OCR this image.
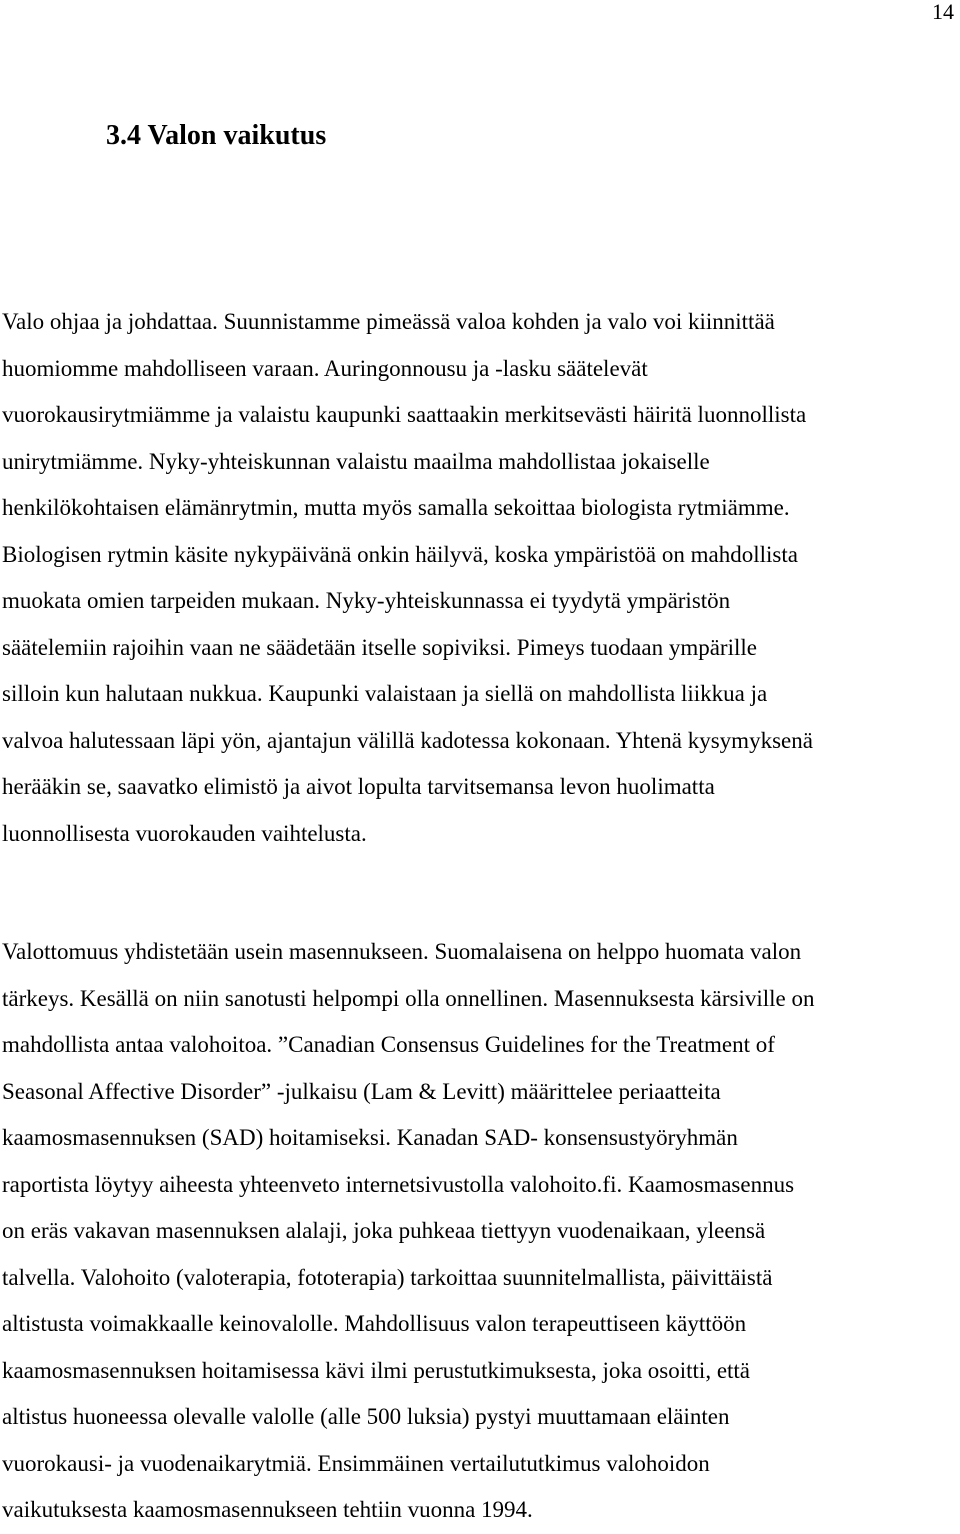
14
3.4 Valon vaikutus

Valo ohjaa ja johdattaa. Suunnistamme pimeässä valoa kohden ja valo voi kiinnittää
huomiomme mahdolliseen varaan. Auringonnousu ja -lasku säätelevät
vuorokausirytmiämme ja valaistu kaupunki saattaakin merkitsevästi häiritä luonnollista
unirytmiämme. Nyky-yhteiskunnan valaistu maailma mahdollistaa jokaiselle
henkilökohtaisen elämänrytmin, mutta myös samalla sekoittaa biologista rytmiämme.
Biologisen rytmin käsite nykypäivänä onkin häilyvä, koska ympäristöä on mahdollista
muokata omien tarpeiden mukaan. Nyky-yhteiskunnassa ei tyydytä ympäristön
säätelemiin rajoihin vaan ne säädetään itselle sopiviksi. Pimeys tuodaan ympärille
silloin kun halutaan nukkua. Kaupunki valaistaan ja siellä on mahdollista liikkua ja
valvoa halutessaan läpi yön, ajantajun välillä kadotessa kokonaan. Yhtenä kysymyksenä
herääkin se, saavatko elimistö ja aivot lopulta tarvitsemansa levon huolimatta
luonnollisesta vuorokauden vaihtelusta.

Valottomuus yhdistetään usein masennukseen. Suomalaisena on helppo huomata valon
tärkeys. Kesällä on niin sanotusti helpompi olla onnellinen. Masennuksesta kärsiville on
mahdollista antaa valohoitoa. ”Canadian Consensus Guidelines for the Treatment of
Seasonal Affective Disorder” -julkaisu (Lam & Levitt) määrittelee periaatteita
kaamosmasennuksen (SAD) hoitamiseksi. Kanadan SAD- konsensustyöryhmän
raportista löytyy aiheesta yhteenveto internetsivustolla valohoito.fi. Kaamosmasennus
on eräs vakavan masennuksen alalaji, joka puhkeaa tiettyyn vuodenaikaan, yleensä
talvella. Valohoito (valoterapia, fototerapia) tarkoittaa suunnitelmallista, päivittäistä
altistusta voimakkaalle keinovalolle. Mahdollisuus valon terapeuttiseen käyttöön
kaamosmasennuksen hoitamisessa kävi ilmi perustutkimuksesta, joka osoitti, että
altistus huoneessa olevalle valolle (alle 500 luksia) pystyi muuttamaan eläinten
vuorokausi- ja vuodenaikarytmiä. Ensimmäinen vertailututkimus valohoidon
vaikutuksesta kaamosmasennukseen tehtiin vuonna 1994.
